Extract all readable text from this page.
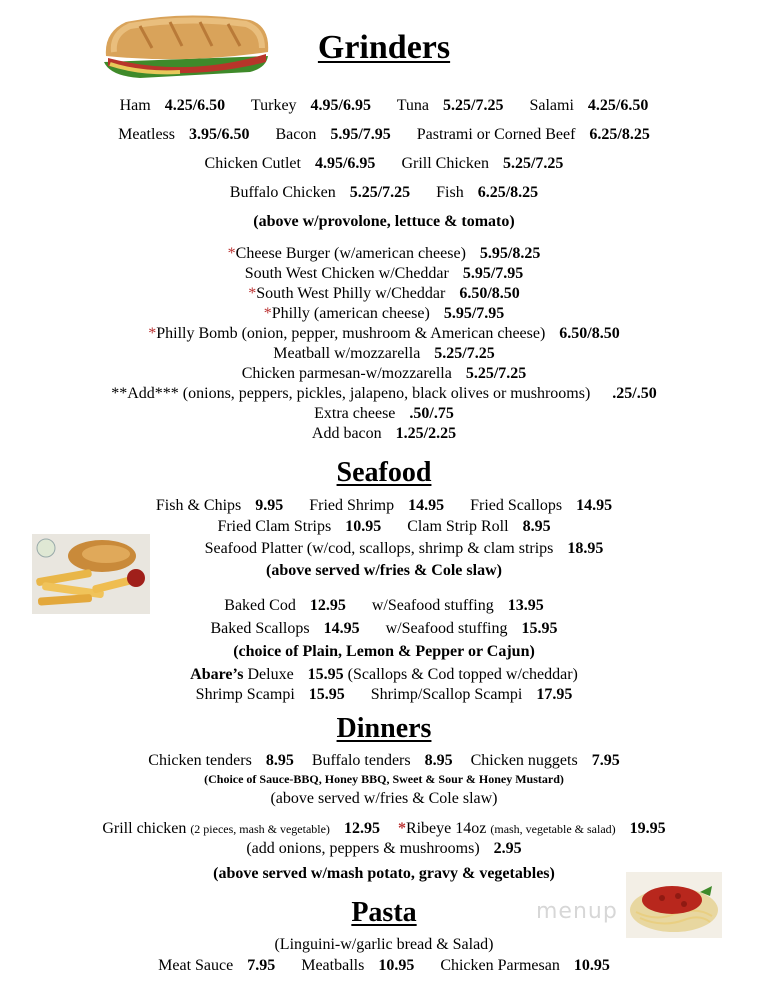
Grinders
Ham 4.25/6.50 Turkey 4.95/6.95 Tuna 5.25/7.25 Salami 4.25/6.50
Meatless 3.95/6.50 Bacon 5.95/7.95 Pastrami or Corned Beef 6.25/8.25
Chicken Cutlet 4.95/6.95 Grill Chicken 5.25/7.25
Buffalo Chicken 5.25/7.25 Fish 6.25/8.25
(above w/provolone, lettuce & tomato)
*Cheese Burger (w/american cheese) 5.95/8.25
South West Chicken w/Cheddar 5.95/7.95
*South West Philly w/Cheddar 6.50/8.50
*Philly (american cheese) 5.95/7.95
*Philly Bomb (onion, pepper, mushroom & American cheese) 6.50/8.50
Meatball w/mozzarella 5.25/7.25
Chicken parmesan-w/mozzarella 5.25/7.25
**Add*** (onions, peppers, pickles, jalapeno, black olives or mushrooms) .25/.50
Extra cheese .50/.75
Add bacon 1.25/2.25
Seafood
Fish & Chips 9.95 Fried Shrimp 14.95 Fried Scallops 14.95
Fried Clam Strips 10.95 Clam Strip Roll 8.95
Seafood Platter (w/cod, scallops, shrimp & clam strips 18.95
(above served w/fries & Cole slaw)
Baked Cod 12.95 w/Seafood stuffing 13.95
Baked Scallops 14.95 w/Seafood stuffing 15.95
(choice of Plain, Lemon & Pepper or Cajun)
Abare’s Deluxe 15.95 (Scallops & Cod topped w/cheddar)
Shrimp Scampi 15.95 Shrimp/Scallop Scampi 17.95
Dinners
Chicken tenders 8.95 Buffalo tenders 8.95 Chicken nuggets 7.95
(Choice of Sauce-BBQ, Honey BBQ, Sweet & Sour & Honey Mustard)
(above served w/fries & Cole slaw)
Grill chicken (2 pieces, mash & vegetable) 12.95 *Ribeye 14oz (mash, vegetable & salad) 19.95
(add onions, peppers & mushrooms) 2.95
(above served w/mash potato, gravy & vegetables)
menup
Pasta
(Linguini-w/garlic bread & Salad)
Meat Sauce 7.95 Meatballs 10.95 Chicken Parmesan 10.95
